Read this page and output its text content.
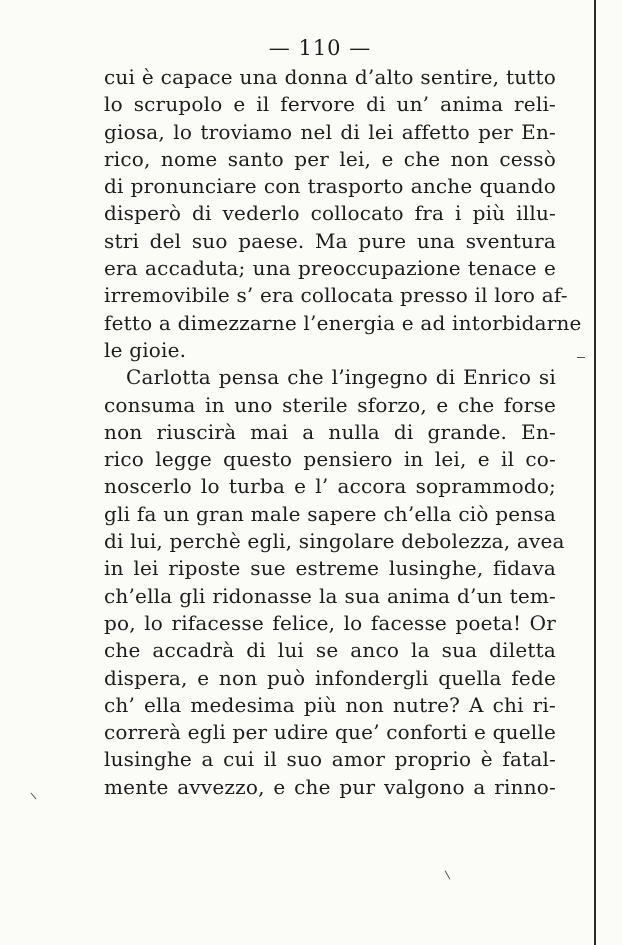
— 110 —
cui è capace una donna d’alto sentire, tutto
lo scrupolo e il fervore di un’ anima reli-
giosa, lo troviamo nel di lei affetto per En-
rico, nome santo per lei, e che non cessò
di pronunciare con trasporto anche quando
disperò di vederlo collocato fra i più illu-
stri del suo paese. Ma pure una sventura
era accaduta; una preoccupazione tenace e
irremovibile s’ era collocata presso il loro af-
fetto a dimezzarne l’energia e ad intorbidarne
le gioie.
Carlotta pensa che l’ingegno di Enrico si
consuma in uno sterile sforzo, e che forse
non riuscirà mai a nulla di grande. En-
rico legge questo pensiero in lei, e il co-
noscerlo lo turba e l’ accora soprammodo;
gli fa un gran male sapere ch’ella ciò pensa
di lui, perchè egli, singolare debolezza, avea
in lei riposte sue estreme lusinghe, fidava
ch’ella gli ridonasse la sua anima d’un tem-
po, lo rifacesse felice, lo facesse poeta! Or
che accadrà di lui se anco la sua diletta
dispera, e non può infondergli quella fede
ch’ ella medesima più non nutre? A chi ri-
correrà egli per udire que’ conforti e quelle
lusinghe a cui il suo amor proprio è fatal-
mente avvezzo, e che pur valgono a rinno-
